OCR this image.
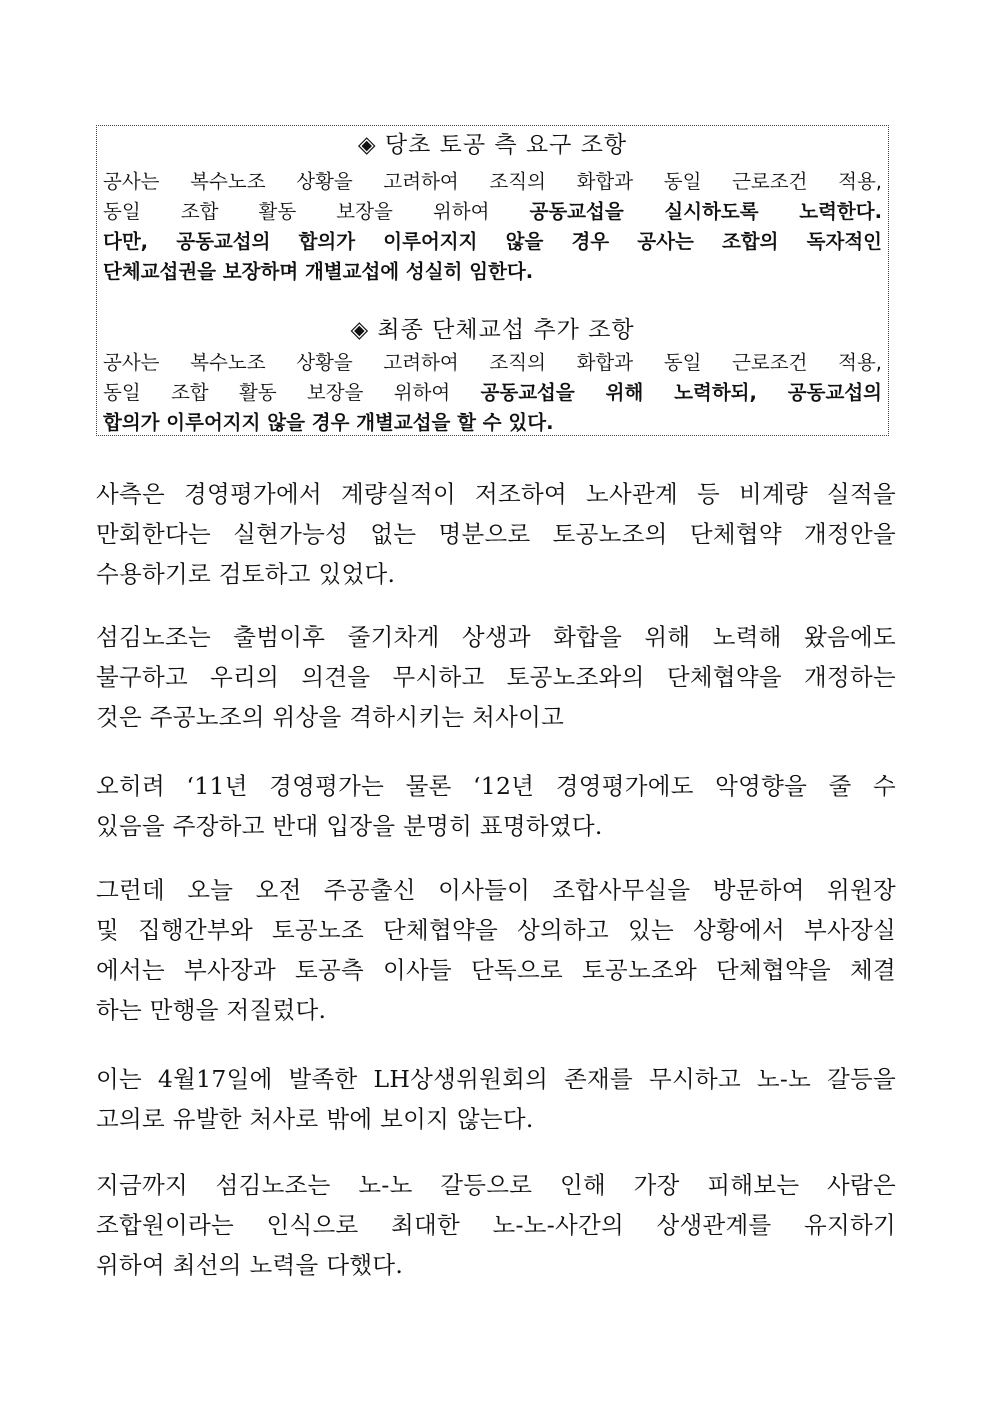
◈ 당초 토공 측 요구 조항
공사는 복수노조 상황을 고려하여 조직의 화합과 동일 근로조건 적용,
동일 조합 활동 보장을 위하여 공동교섭을 실시하도록 노력한다.
다만, 공동교섭의 합의가 이루어지지 않을 경우 공사는 조합의 독자적인
단체교섭권을 보장하며 개별교섭에 성실히 임한다.
◈ 최종 단체교섭 추가 조항
공사는 복수노조 상황을 고려하여 조직의 화합과 동일 근로조건 적용,
동일 조합 활동 보장을 위하여 공동교섭을 위해 노력하되, 공동교섭의
합의가 이루어지지 않을 경우 개별교섭을 할 수 있다.
사측은 경영평가에서 계량실적이 저조하여 노사관계 등 비계량 실적을
만회한다는 실현가능성 없는 명분으로 토공노조의 단체협약 개정안을
수용하기로 검토하고 있었다.
섬김노조는 출범이후 줄기차게 상생과 화합을 위해 노력해 왔음에도
불구하고 우리의 의견을 무시하고 토공노조와의 단체협약을 개정하는
것은 주공노조의 위상을 격하시키는 처사이고
오히려 ‘11년 경영평가는 물론 ‘12년 경영평가에도 악영향을 줄 수
있음을 주장하고 반대 입장을 분명히 표명하였다.
그런데 오늘 오전 주공출신 이사들이 조합사무실을 방문하여 위원장
및 집행간부와 토공노조 단체협약을 상의하고 있는 상황에서 부사장실
에서는 부사장과 토공측 이사들 단독으로 토공노조와 단체협약을 체결
하는 만행을 저질렀다.
이는 4월17일에 발족한 LH상생위원회의 존재를 무시하고 노-노 갈등을
고의로 유발한 처사로 밖에 보이지 않는다.
지금까지 섬김노조는 노-노 갈등으로 인해 가장 피해보는 사람은
조합원이라는 인식으로 최대한 노-노-사간의 상생관계를 유지하기
위하여 최선의 노력을 다했다.
